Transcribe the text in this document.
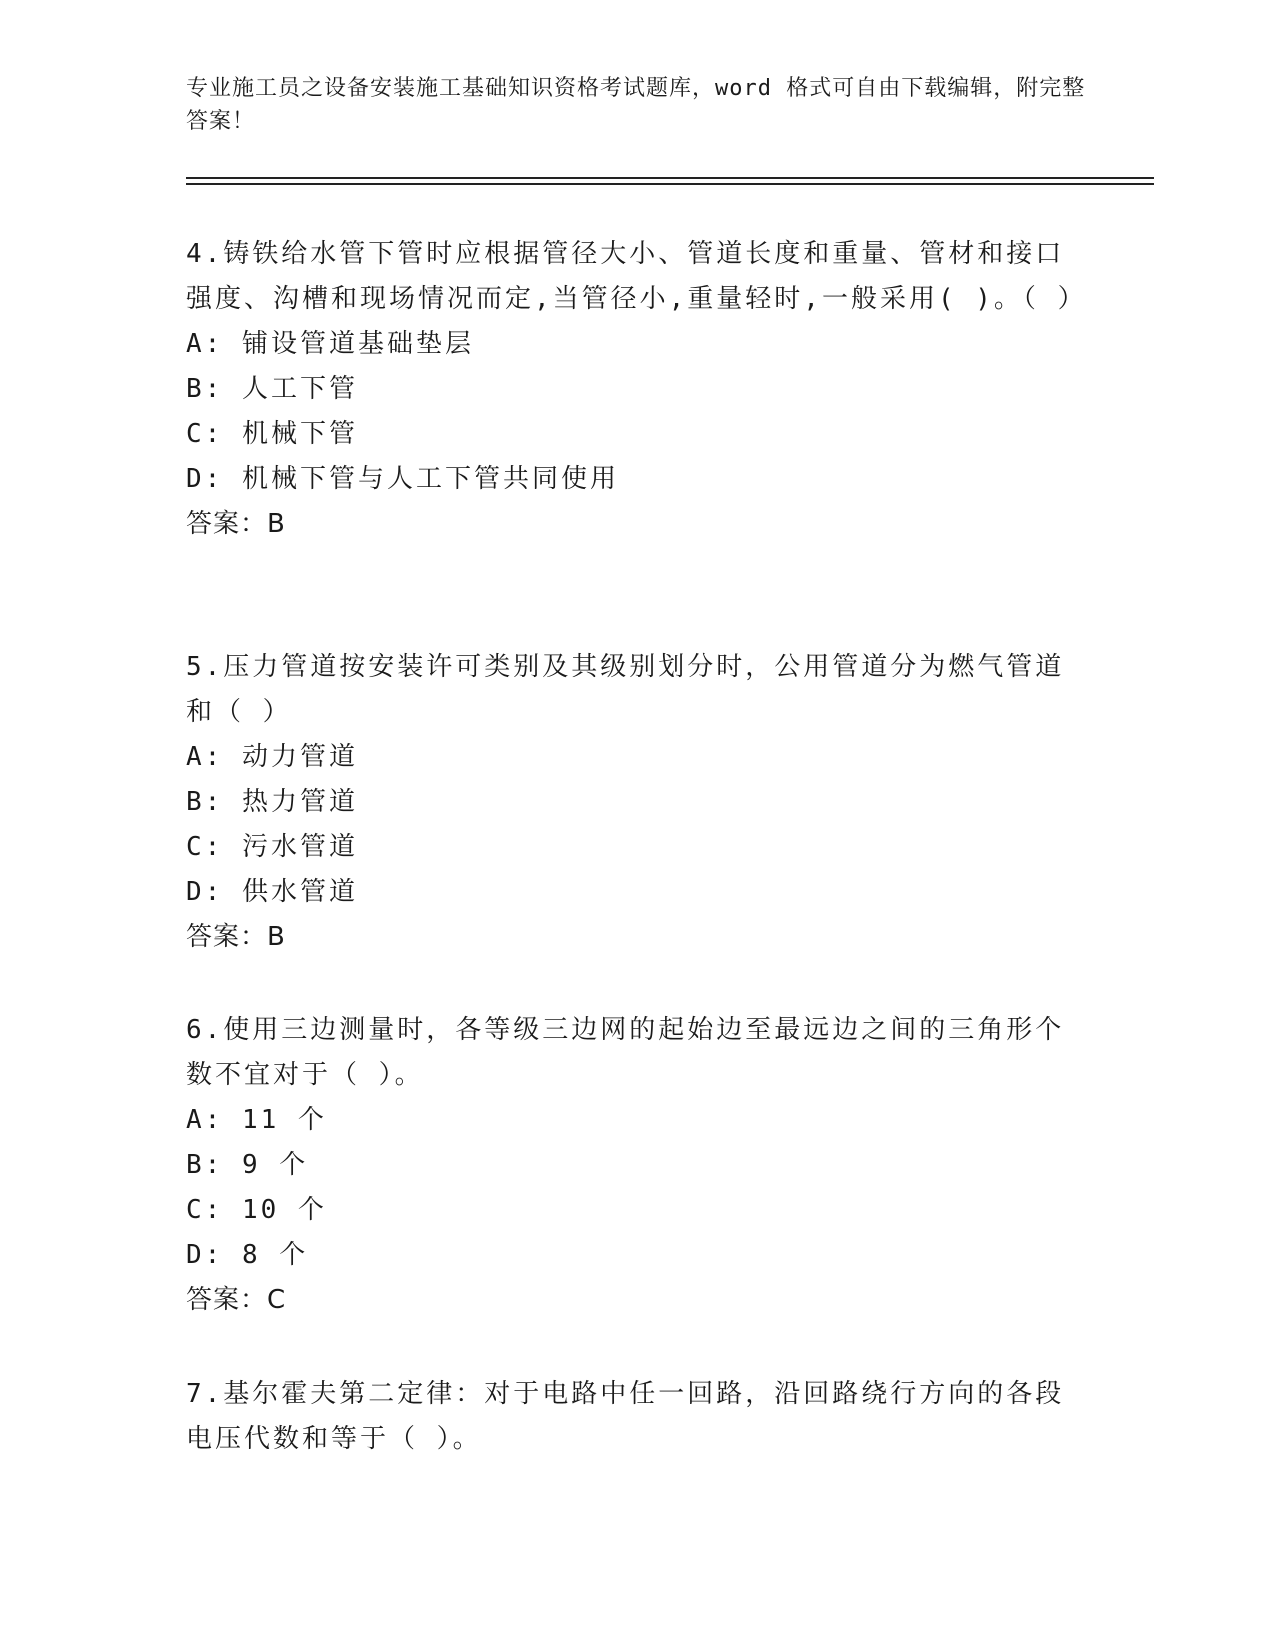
专业施工员之设备安装施工基础知识资格考试题库，word 格式可自由下载编辑，附完整答案！

4.铸铁给水管下管时应根据管径大小、管道长度和重量、管材和接口强度、沟槽和现场情况而定,当管径小,重量轻时,一般采用( )。（ ）

A: 铺设管道基础垫层

B: 人工下管

C: 机械下管

D: 机械下管与人工下管共同使用

答案：B

5.压力管道按安装许可类别及其级别划分时，公用管道分为燃气管道和（ ）

A: 动力管道

B: 热力管道

C: 污水管道

D: 供水管道

答案：B

6.使用三边测量时，各等级三边网的起始边至最远边之间的三角形个数不宜对于（ ）。

A: 11 个

B: 9 个

C: 10 个

D: 8 个

答案：C

7.基尔霍夫第二定律：对于电路中任一回路，沿回路绕行方向的各段电压代数和等于（ ）。
